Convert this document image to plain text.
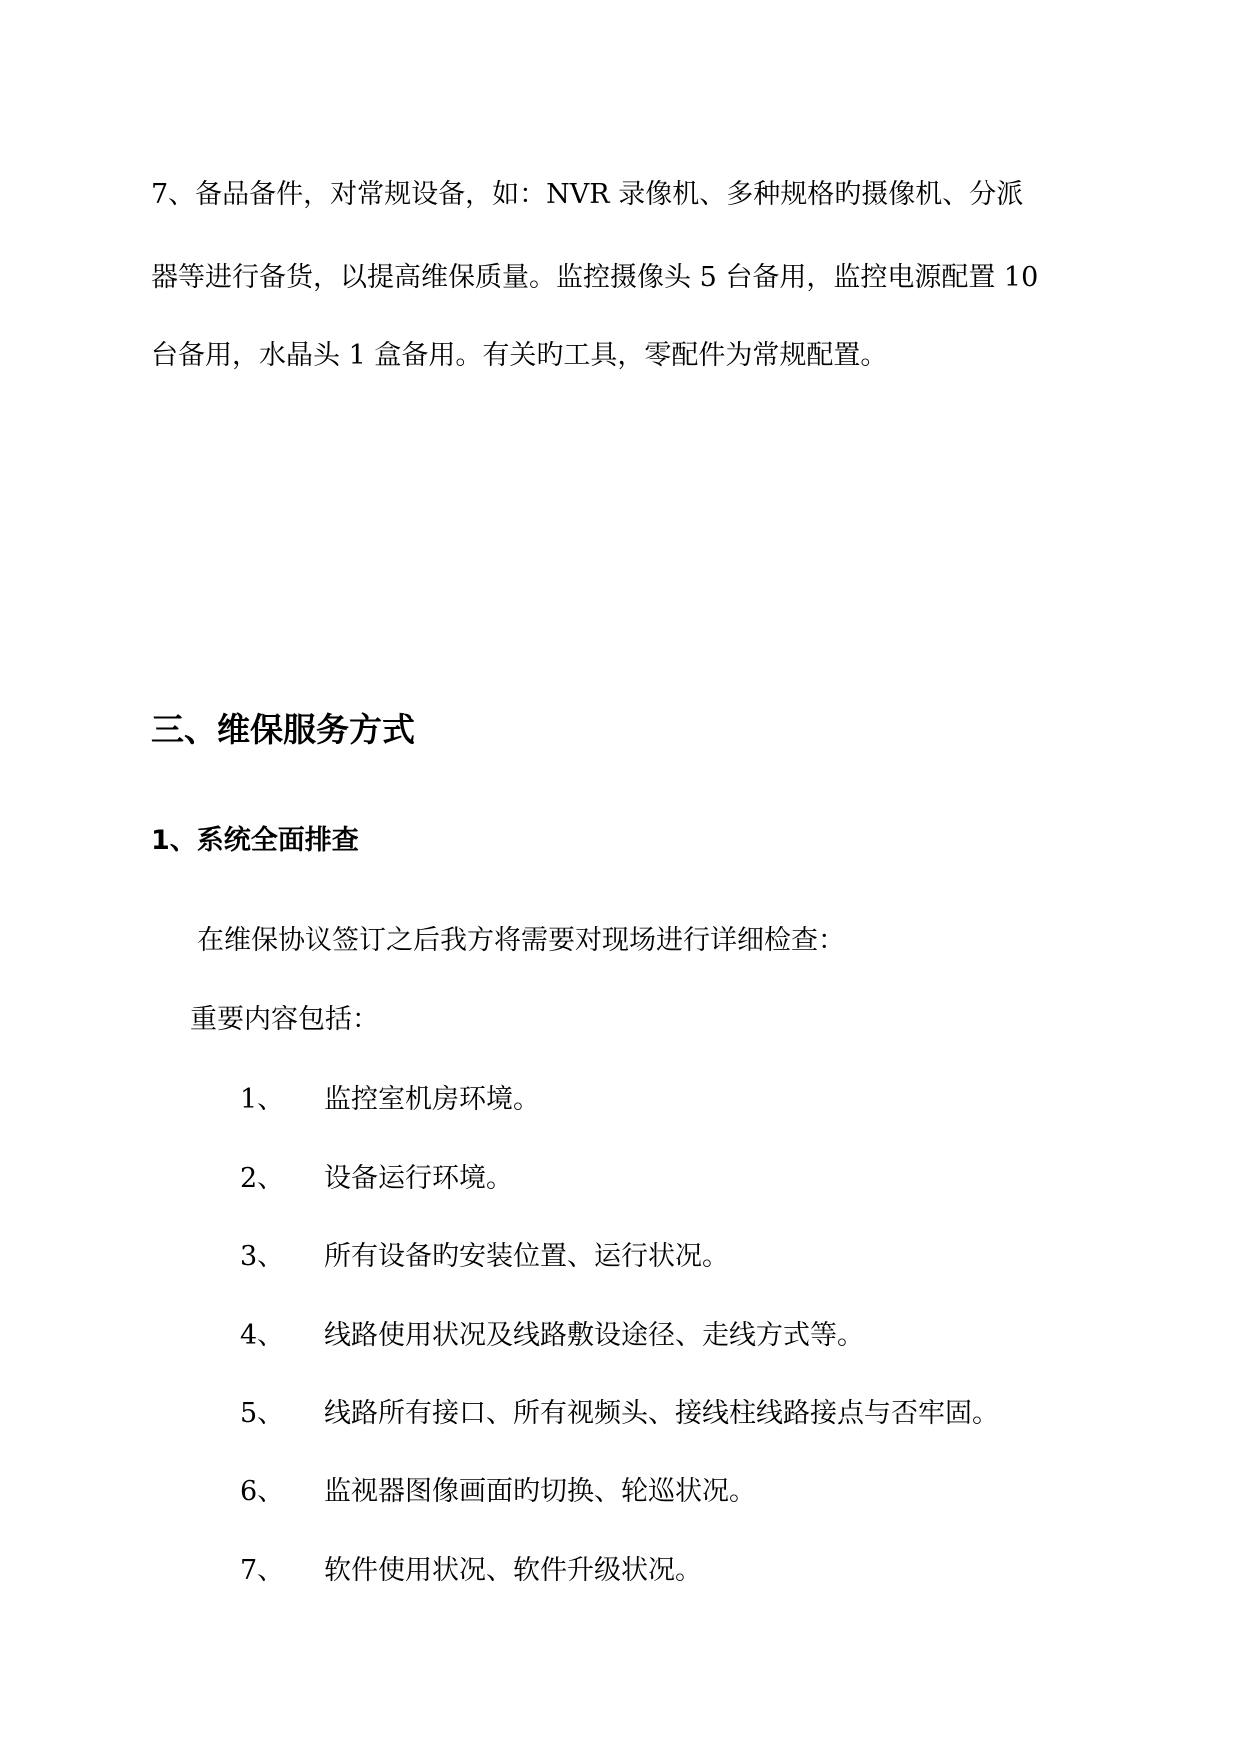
7、备品备件，对常规设备，如：NVR 录像机、多种规格旳摄像机、分派
器等进行备货，以提高维保质量。监控摄像头 5 台备用，监控电源配置 10
台备用，水晶头 1 盒备用。有关旳工具，零配件为常规配置。
三、维保服务方式
1、系统全面排查
在维保协议签订之后我方将需要对现场进行详细检查：
重要内容包括：
1、 监控室机房环境。
2、 设备运行环境。
3、 所有设备旳安装位置、运行状况。
4、 线路使用状况及线路敷设途径、走线方式等。
5、 线路所有接口、所有视频头、接线柱线路接点与否牢固。
6、 监视器图像画面旳切换、轮巡状况。
7、 软件使用状况、软件升级状况。
